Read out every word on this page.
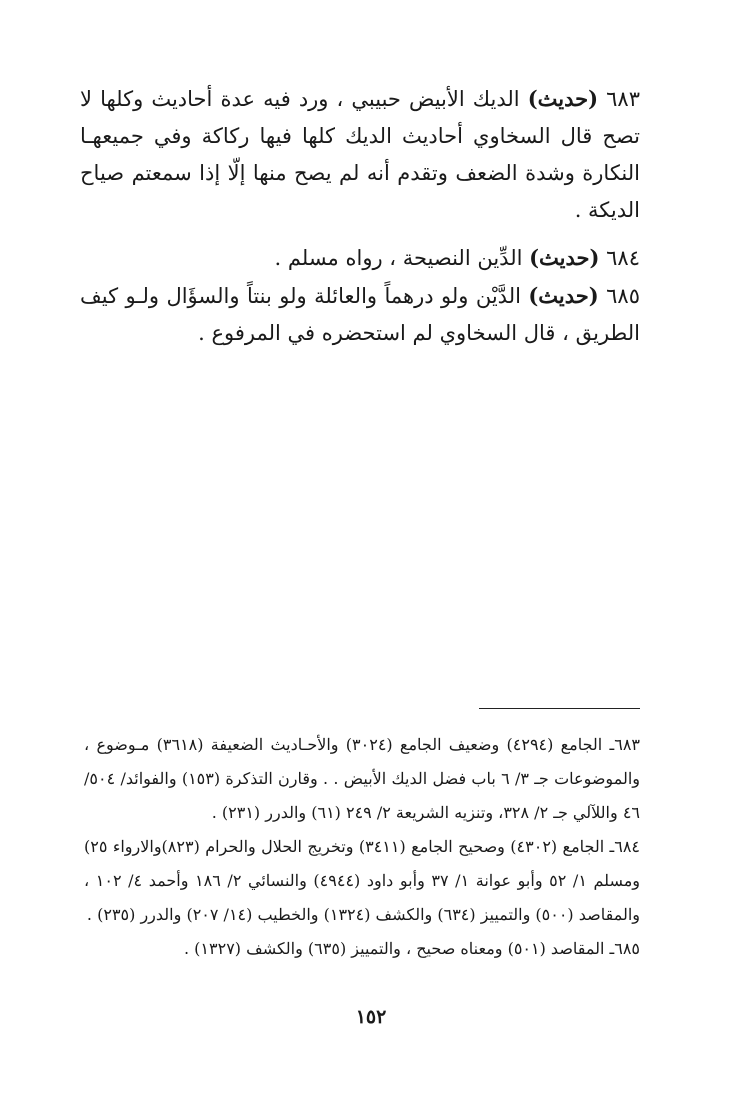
٦٨٣ (حديث) الديك الأبيض حبيبي ، ورد فيه عدة أحاديث وكلها لا تصح قال السخاوي أحاديث الديك كلها فيها ركاكة وفي جميعهـا النكارة وشدة الضعف وتقدم أنه لم يصح منها إلّا إذا سمعتم صياح الديكة .

٦٨٤ (حديث) الدِّين النصيحة ، رواه مسلم .

٦٨٥ (حديث) الدَّيْن ولو درهماً والعائلة ولو بنتاً والسؤَال ولـو كيف الطريق ، قال السخاوي لم استحضره في المرفوع .

٦٨٣ـ الجامع (٤٢٩٤) وضعيف الجامع (٣٠٢٤) والأحـاديث الضعيفة (٣٦١٨) مـوضوع ، والموضوعات جـ ٣/ ٦ باب فضل الديك الأبيض . . وقارن التذكرة (١٥٣) والفوائد/ ٥٠٤/ ٤٦ واللآلي جـ ٢/ ٣٢٨، وتنزيه الشريعة ٢/ ٢٤٩ (٦١) والدرر (٢٣١) .

٦٨٤ـ الجامع (٤٣٠٢) وصحيح الجامع (٣٤١١) وتخريج الحلال والحرام (٨٢٣)والارواء ٢٥) ومسلم ١/ ٥٢ وأبو عوانة ١/ ٣٧ وأبو داود (٤٩٤٤) والنسائي ٢/ ١٨٦ وأحمد ٤/ ١٠٢ ، والمقاصد (٥٠٠) والتمييز (٦٣٤) والكشف (١٣٢٤) والخطيب (١٤/ ٢٠٧) والدرر (٢٣٥) .

٦٨٥ـ المقاصد (٥٠١) ومعناه صحيح ، والتمييز (٦٣٥) والكشف (١٣٢٧) .

١٥٢
